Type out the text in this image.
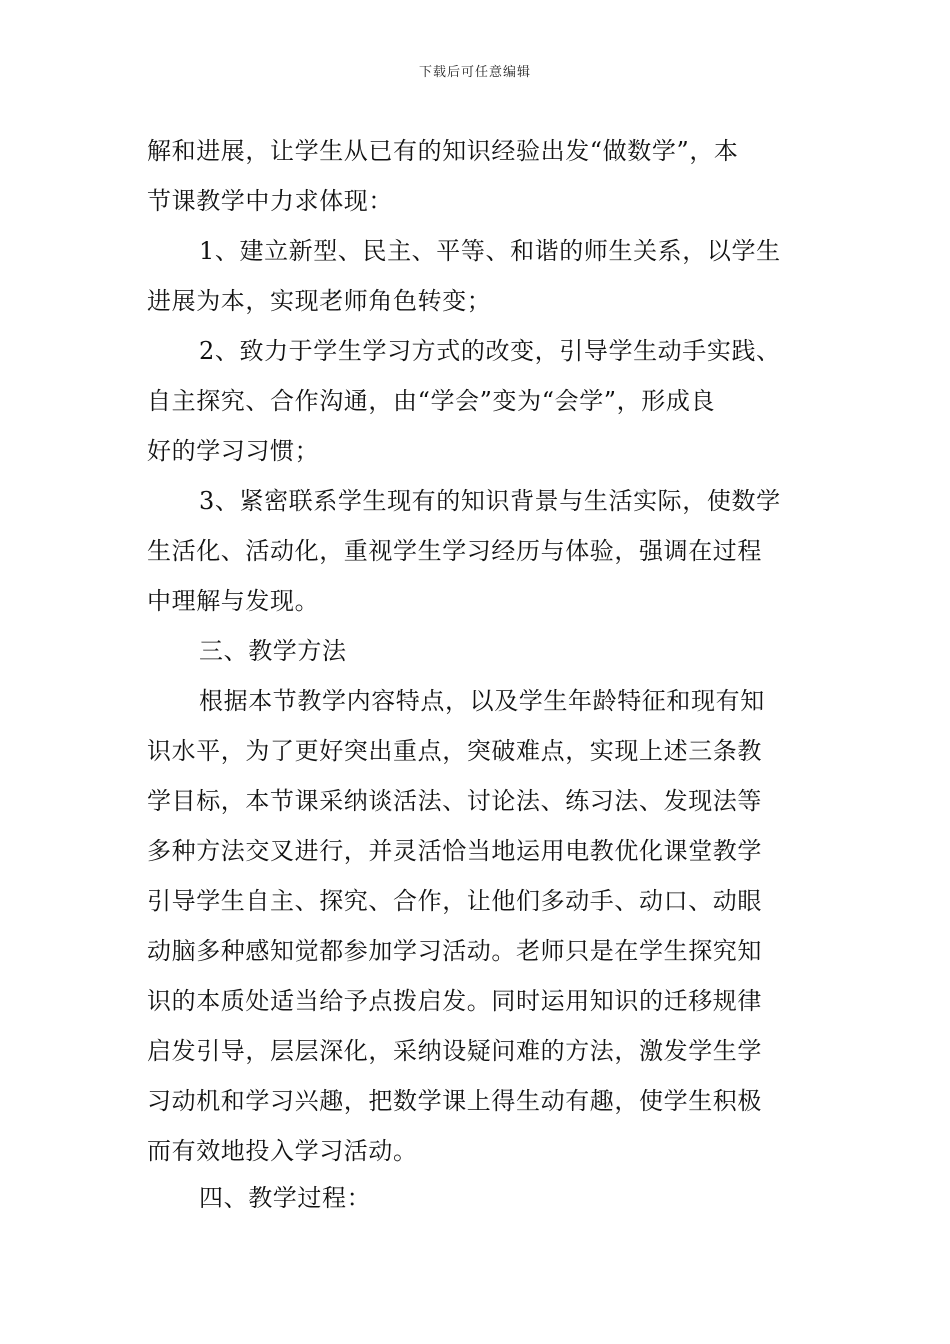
下载后可任意编辑
解和进展，让学生从已有的知识经验出发“做数学”，本
节课教学中力求体现：
1、建立新型、民主、平等、和谐的师生关系，以学生
进展为本，实现老师角色转变；
2、致力于学生学习方式的改变，引导学生动手实践、
自主探究、合作沟通，由“学会”变为“会学”，形成良
好的学习习惯；
3、紧密联系学生现有的知识背景与生活实际，使数学
生活化、活动化，重视学生学习经历与体验，强调在过程
中理解与发现。
三、教学方法
根据本节教学内容特点，以及学生年龄特征和现有知
识水平，为了更好突出重点，突破难点，实现上述三条教
学目标，本节课采纳谈活法、讨论法、练习法、发现法等
多种方法交叉进行，并灵活恰当地运用电教优化课堂教学
引导学生自主、探究、合作，让他们多动手、动口、动眼
动脑多种感知觉都参加学习活动。老师只是在学生探究知
识的本质处适当给予点拨启发。同时运用知识的迁移规律
启发引导，层层深化，采纳设疑问难的方法，激发学生学
习动机和学习兴趣，把数学课上得生动有趣，使学生积极
而有效地投入学习活动。
四、教学过程：
